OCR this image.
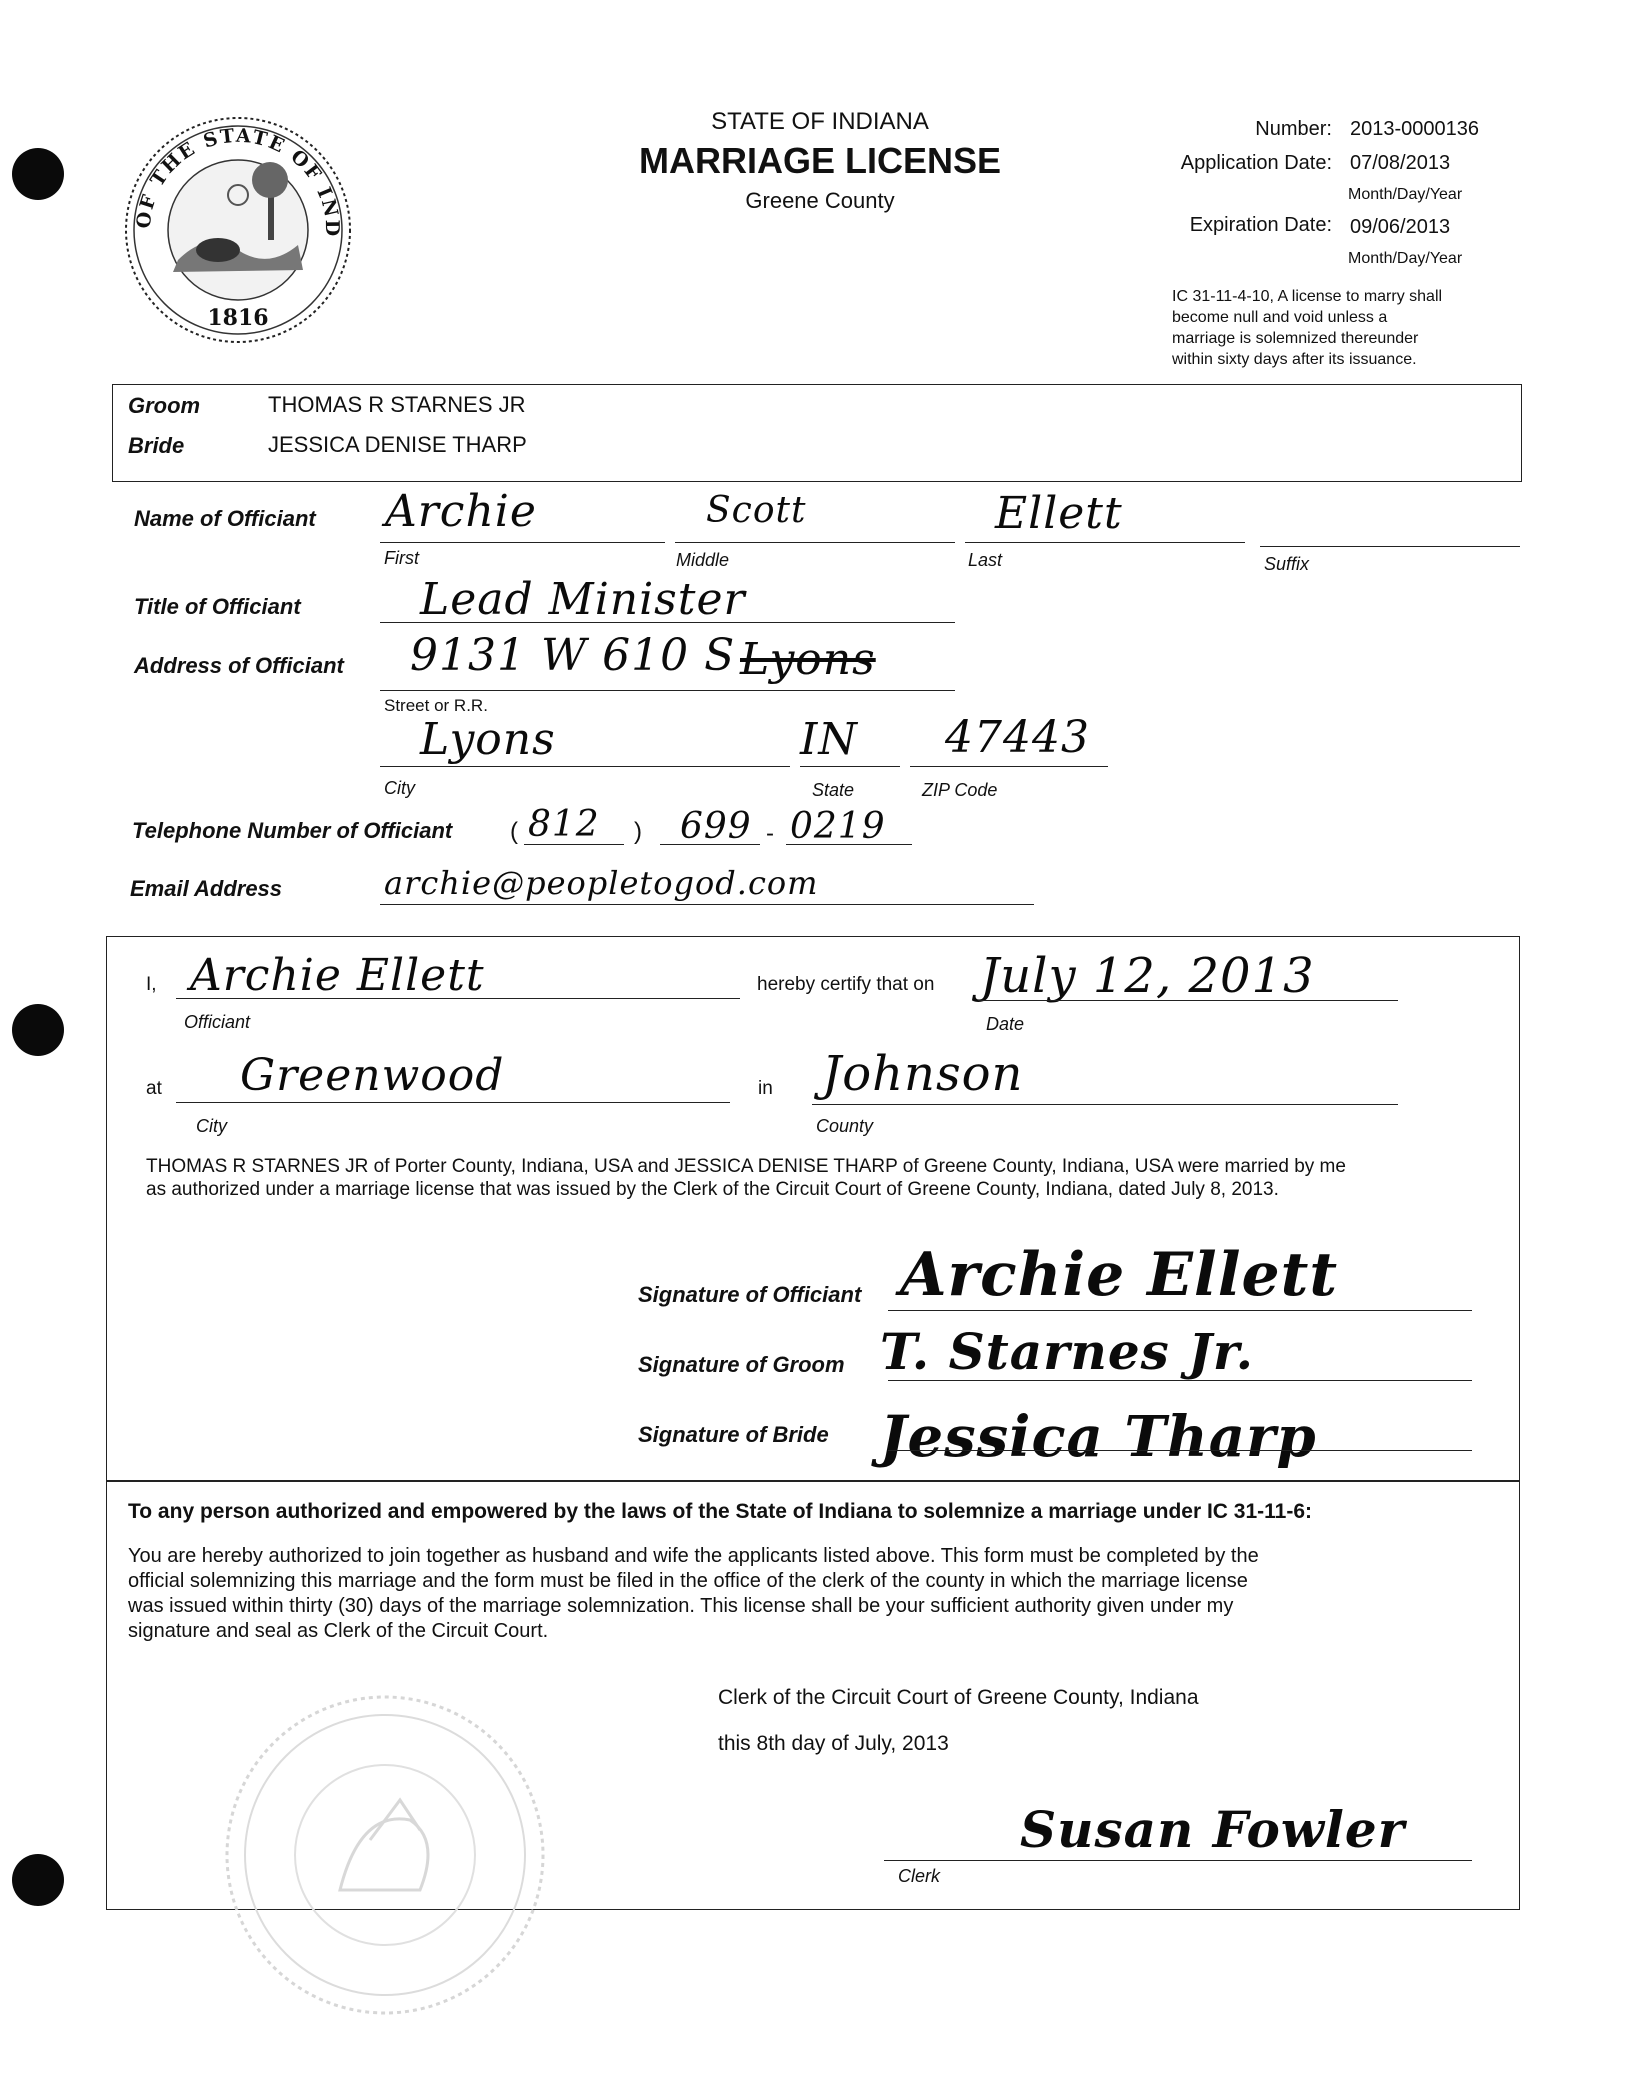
OF THE STATE OF IND
1816
STATE OF INDIANA
MARRIAGE LICENSE
Greene County
Number: 2013-0000136
Application Date: 07/08/2013
Month/Day/Year
Expiration Date: 09/06/2013
Month/Day/Year
IC 31-11-4-10, A license to marry shall
become null and void unless a
marriage is solemnized thereunder
within sixty days after its issuance.
Groom	THOMAS R STARNES JR
Bride	JESSICA DENISE THARP
Name of Officiant Archie	Scott	Ellett
First	Middle	Last	Suffix
Title of Officiant	Lead Minister
Address of Officiant 9131 W 610 S Lyons
Street or R.R.
Lyons	IN 47443
City	State	ZIP Code
Telephone Number of Officiant ( 812 ) 699 - 0219
Email Address	archie@peopletogod.com
I, Archie Ellett
Officiant
hereby certify that on July 12, 2013
Date
at Greenwood
City
in Johnson
County
THOMAS R STARNES JR of Porter County, Indiana, USA and JESSICA DENISE THARP of Greene County, Indiana, USA were married by me
as authorized under a marriage license that was issued by the Clerk of the Circuit Court of Greene County, Indiana, dated July 8, 2013.
Signature of Officiant Archie Ellett
Signature of Groom T. Starnes Jr.
Signature of Bride Jessica Tharp
To any person authorized and empowered by the laws of the State of Indiana to solemnize a marriage under IC 31-11-6:
You are hereby authorized to join together as husband and wife the applicants listed above. This form must be completed by the
official solemnizing this marriage and the form must be filed in the office of the clerk of the county in which the marriage license
was issued within thirty (30) days of the marriage solemnization. This license shall be your sufficient authority given under my
signature and seal as Clerk of the Circuit Court.
Clerk of the Circuit Court of Greene County, Indiana
this 8th day of July, 2013
Susan Fowler
Clerk
